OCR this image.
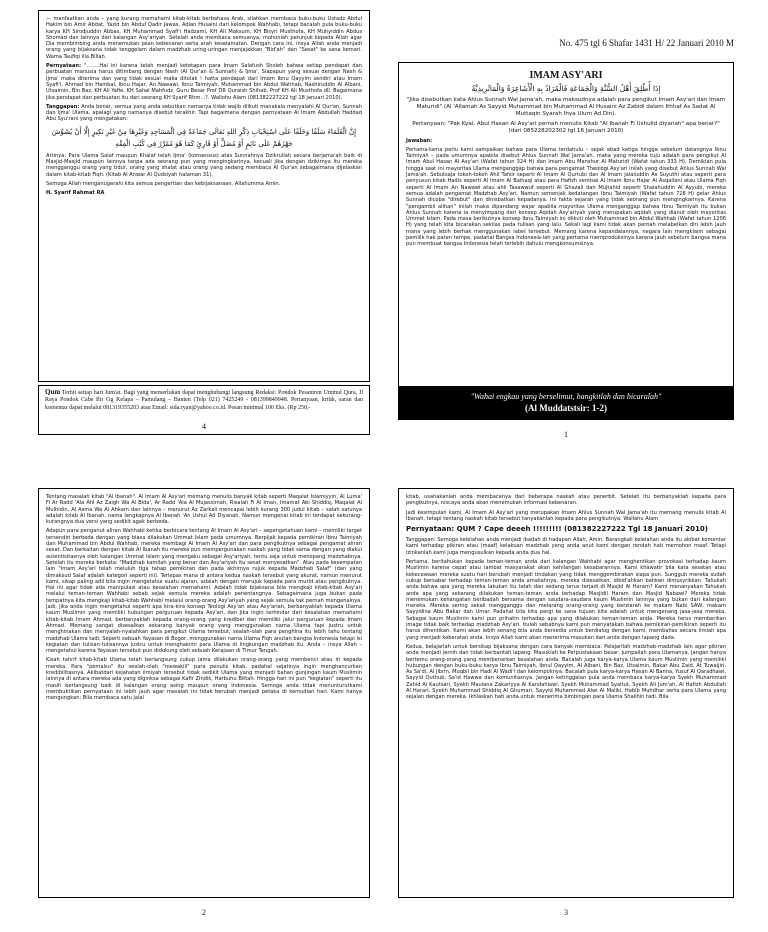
— manfaatkan anda – yang kurang memahami kitab-kitab berbahasa Arab, silahkan membaca buku-buku Ustadz Abdul Hakim bin Amir Abdat, Yazid bin Abdul Qadir Jawas, Adian Husaini dari kelompok Wahhabi, tetapi bacalah pula buku-buku karya KH Sirodjuddin Abbas, KH Muhammad Syafi'i Hadzami, KH Ali Maksum, KH Bisyri Musthofa, KH Muhyiddin Abdus Shomad dan lainnya dari kalangan Asy'ariyah. Setelah anda membaca semuanya, mohonlah petunjuk kepada Allah agar Dia membimbing anda menemukan jalan kebenaran serta arah keselamatan. Dengan cara ini, insya Allah anda menjadi orang yang bijaksana tidak tenggelam dalam madzhab uring-uringan menjajakkan "Bid'ah" dan "Sesat" ke sana kemari. Wama Taufiqi illa Billah.

Pernyataan: "........Hal ini karena telah menjadi ketetapan para Imam Salafush Sholeh bahwa setiap pendapat dan perbuatan manusia harus ditimbang dengan Nash (Al Qur'an & Sunnah) & Ijma'. Siapapun yang sesuai dengan Nash & Ijma' maka diterima dan yang tidak sesuai maka ditolak ! hatta pendapat dari Imam Ibnu Qayyim sendiri atau Imam Syafi'i, Ahmad bin Hambal, Ibnu Hajar, An Nawawi, Ibnu Taimiyah, Muhammad bin Abdul Wahhab, Nashiruddin Al Albani, Utsaimin, Bin Baz, KH Ali Yafie, KH Sahal Mahfudz, Guru Besar Prof DR Quraish Shihab, Prof KH Ali Musthofa dll. Bagaimana jika pendapat dan perbuatan itu dari seorang KH Syarif Rhm...?. Wallohu Alam (081382227222 tgl 18 januari 2010).

Tanggapan: Anda benar, semua yang anda sebutkan namanya tidak wajib diikuti manakala menyalahi Al Qur'an, Sunnah dan Ijma' Ulama, apalagi yang namanya disebut terakhir. Tapi bagaimana dengan pernyataan Al Imam Abdullah Haddad Abu Syu'rani yang mengatakan:

إِنَّ الْعُلَمَاءَ سَلَفًا وَخَلَفًا عَلَى اسْتِحْبَابِ ذِكْرِ اللهِ تَعَالَى جَمَاعَةً فِي الْمَسَاجِدِ وَغَيْرِهَا مِنْ غَيْرِ نَكِيرٍ إِلَّا أَنْ يُشَوِّشَ جَهْرُهُمْ عَلَى نَائِمٍ أَوْ مُصَلٍّ أَوْ قَارِئٍ كَمَا هُوَ مُقَرَّرٌ فِي كُتُبِ الْفِقْهِ

Artinya: Para Ulama Salaf maupun Khalaf telah Ijma' (konsensus) atas Sunnahnya Dzikrullah secara berjama'ah baik di Masjid-Masjid maupun lainnya tanpa ada seorang pun yang mengingkarinya, kecuali jika dengan dzikirnya itu mereka mengganggu orang yang tidur, orang yang shalat atau orang yang sedang membaca Al Qur'an sebagaimana dijelaskan dalam kitab-kitab Fiqh. (Kitab Al Anwar Al Qudsiyah halaman 31).

Semoga Allah menganugerahi kita semua pengertian dan kebijaksanaan. Allahumma Amin.

H. Syarif Rahmat RA

Qum Terbit setiap hari Jum'at. Bagi yang memerlukan dapat menghubungi langsung Redaksi: Pondok Pesantren Ummul Qura, Jl Raya Pondok Cabe Ilir Gg Kelapa – Pamulang – Banten (Telp 021) 7425249 - 081399849948. Pertanyaan, kritik, saran dan komentar dapat melalui 081319355203 atau Email: sida.ryan@yahoo.co.id. Pesan minimal 100 Eks. (Rp 250,-

4
No. 475 tgl 6 Shafar 1431 H/ 22 Januari 2010 M
IMAM ASY'ARI

إِذَا أُطْلِقَ أَهْلُ السُّنَّةِ وَالْجَمَاعَةِ فَالْمُرَادُ بِهِ الْأَشَاعِرَةُ وَالْمَاتُرِيدِيَّةُ

"Jika disebutkan kata Ahlus Sunnah Wal Jama'ah, maka maksudnya adalah para pengikut Imam Asy'ari dan Imam Maturidi" (Al 'Allamah As Sayyid Muhammad bin Muhammad Al Husaini Az Zabidi dalam Ithhaf As Sadat Al Muttaqin Syarah Ihya Ulum Ad Din).

Pertanyaan: "Pak Kyai, Abul Hasan Al Asy'ari pernah menulis Kitab "Al Ibanah Fi Ushulid diyanah" apa benar?" (dari 085228202302 tgl 16 Januari 2010)

Jawaban:

Pertama-tama perlu kami sampaikan bahwa para Ulama terdahulu – sejak abad ketiga hingga sebelum datangnya Ibnu Taimiyah – pada umumnya apabila disebut Ahlus Sunnah Wal Jama'ah, maka yang mereka tuju adalah para pengikut Al Imam Abul Hasan Al Asy'ari (Wafat tahun 324 H) dan Imam Abu Manshur Al Maturidi (Wafat tahun 333 H). Demikian pula hingga saat ini mayoritas Ulama menganggap bahwa para pengamat Theologi Asy'ari inilah yang disebut Ahlus Sunnah Wal Jama'ah. Sebutsaja tokoh-tokoh Ahli Tafsir seperti Al Imam Al Qurtubi dan Al Imam Jalaluddin As Suyuthi atau seperti para penyusun kitab Hadis seperti Al Imam Al Baihaqi atau para Hafizh semisal Al Imam Ibnu Hajar Al Asqallani atau Ulama Fiqh seperti Al Imam An Nawawi atau ahli Tasawwuf seperti Al Ghazali dan Mujtahid seperti Shalahuddin Al Ayyubi, mereka semua adalah pengamat Madzhab Asy'ari. Namun semenjak kedatangan Ibnu Taimiyah (Wafat tahun 728 H) gelar Ahlus Sunnah dicoba "direbut" dan dinisbatkan kepadanya. Ini fakta sejarah yang tidak seorang pun mengingkarinya. Karena "pengambil alihan" inilah maka dipandang wajar apabila mayoritas Ulama menganggap bahwa Ibnu Taimiyah itu bukan Ahlus Sunnah karena ia menyimpang dari konsep Aqidah Asy'ariyah yang merupakan aqidah yang dianut oleh mayoritas Ummat Islam. Pada masa berikutnya konsep Ibnu Taimiyah ini diikuti oleh Muhammad bin Abdul Wahhab (Wafat tahun 1206 H) yang telah kita bicarakan sekilas pada tulisan yang lalu. Sekali lagi kami tidak akan pernah melabelkan diri lebih jauh mana yang lebih berhak menggunakan label tersebut. Memang karena kepandaiannya, negara lain mengklaim sebagai pemilik hak paten tempe, padahal Bangsa Indonesia-lah yang pertama memproduksinya karena jauh sebelum bangsa mana pun membuat bangsa Indonesia telah terlebih dahulu mengkonsumsinya.

"Wahai engkau yang berselimut, bangkitlah dan bicaralah"
(Al Muddatstsir: 1-2)
1

Tentang masalah kitab "Al Ibanah". Al Imam Al Asy'ari memang menulis banyak kitab seperti Maqalat Islamiyyin, Al Luma' Fi Ar Radd 'Ala Ahl Az Zaigh Wa Al Bida', Ar Radd 'Ala Al Mujassimah, Risalah Fi Al Iman, Imamat Abi Shiddiq, Maqalat Al Mulhidin, Al Asma Wa Al Ahkam dan lainnya – menurut Az Zarkali mencapai lebih kurang 300 judul kitab – salah satunya adalah kitab Al Ibanah, nama lengkapnya Al Ibanah 'An Ushul Ad Diyanah. Namun mengenai kitab ini terdapat sekurang-kurangnya dua versi yang sedikit agak berbeda.

Adapun para penganut aliran Wahhabi ketika berbicara tentang Al Imam Al Asy'ari – sepengetahuan kami – memiliki target tersendiri berbeda dengan yang biasa dilakukan Ummat Islam pada umumnya. Berpijak kepada pemikiran Ibnu Taimiyah dan Muhammad bin Abdul Wahhab, mereka membagi Al Imam Al Asy'ari dan para pengikutnya sebagai pengamat aliran sesat. Dan berkaitan dengan kitab Al Ibanah itu mereka pun mempergunakan naskah yang tidak sama dengan yang diakui autentisitasnya oleh kalangan Ummat Islam yang mengaku sebagai Asy'ariyah, tentu saja untuk menopang madzhabnya. Setelah itu mereka berkata: "Madzhab kamilah yang benar dan Asy'ariyah itu sesat menyesatkan". Atau pada kesempatan lain "Imam Asy'ari telah meluluh tiga tahap pemikiran dan pada akhirnya rujuk kepada Madzhab Salaf" (dan yang dimaksud Salaf adalah kategori seperti ini). Terlepas mana di antara kedua naskah tersebut yang akurat, namun menurut kami, sikap paling adil bila ingin mengetahui suatu ajaran, adalah dengan merujuk kepada para murid atau pengikutnya. Hal ini agar tidak ada manipulasi atau kesalahan memahami. Adalah tidak bijaksana bila mengkaji kitab-kitab Asy'ari melalui teman-teman Wahhabi sebab sejak semula mereka adalah penentangnya. Sebagaimana juga bukan pada tempatnya kita mengkaji kitab-kitab Wahhabi melalui orang-orang Asy'ariyah yang sejak semula tak pernah mengenalnya. Jadi, jika anda ingin mengetahui seperti apa kira-kira konsep Teologi Asy'ari atau Asy'ariah, berbanyaklah kepada Ulama kaum Muslimin yang memiliki hubungan perguruan kepada Asy'ari, dan jika ingin terhindar dari kesalahan memahami kitab-kitab Imam Ahmad, berbanyaklah kepada orang-orang yang kredibel dan memiliki jalur perguruan kepada Imam Ahmad. Memang sangat disesalkan sekarang banyak orang yang menggunakan nama Ulama tapi justru untuk menghinakan dan menyalah-nyalahkan para pengikut Ulama tersebut, sealah-olah para penghina itu lebih tahu tentang madzhab Ulama tadi. Seperti sebuah Yayasan di Bogor, menggunakan nama Ulama Fiqh anutan bangsa Indonesia tetapi isi kegiatan dan tulisan-tulisannya justru untuk menghakimi para Ulama di lingkungan madzhab itu. Anda – insya Allah – mengetahui karena Yayasan tersebut pun didukung oleh sebuah Kerajaan di Timur Tengah.

Kisah tahrif kitab-kitab Ulama telah berlangsung cukup lama dilakukan orang-orang yang membenci atau iri kepada mereka. Para "pemalsu" itu seolah-olah "mewakili" para penulis kitab, padahal sejatinya ingin menghancurkan kredibilitasnya. Akibatdari kejahatan ilmiyah tersebut tidak sedikit Ulama yang menjadi bahan gunjingan kaum Muslimin lainnya di antara mereka ada yang diginksa sebagai Kafir Zindik, Harbuhu Bittah. Hingga hari ini pun "kegiatan" seperti itu masih berlangsung baik di kalangan orang asing maupun orang Indonesia. Semoga anda tidak menunturutkami membuktikan pernyataan ini lebih jauh agar masalah ini tidak berubah menjadi petaka di kemudian hari. Kami hanya mengungkan: Bila membaca satu jalal

2

kitab, usahakanlah anda membacanya dari beberapa naskah atau penerbit. Setelah itu berbanyaklah kepada para pengikutnya, niscaya anda akan menemukan informasi kebenaran.

Jadi kesimpulan kami, Al Imam Al Asy'ari yang merupakan Imam Ahlus Sunnah Wal Jama'ah itu memang menulis kitab Al Ibanah, tetapi tentang naskah kitab tersebut tanyakanlah kepada para pengikutnya. Wallahu Alam

Pernyataan: QUM ? Cape deeeh !!!!!!!!! (081382227222 Tgl 18 Januari 2010)

Tanggapan: Semoga kelelahan anda menjadi ibadah di hadapan Allah, Amin. Barangkali kelelahan anda itu akibat komentar kami terhadap pikiran atau (maaf) kelakuan madzhab yang anda anut kami dengan rendah hati memohon maaf. Tetapi izinkanlah kami juga mengusulkan kepada anda dua hal.

Pertama, beritahukan kepada teman-teman anda dari kalangan Wahhabi agar menghentikan provokasi terhadap kaum Muslimin karena cepat atau lambat masyarakat akan kehilangan kesabarannya. Kami khawatir bila kata sesatan atau kekecewaan mereka suatu hari berubah menjadi tindakan yang tidak menggembirakan siapa pun. Sungguh mereka sudah cukup bersabar terhadap teman-teman anda amaliahnya, mereka disesatkan, dibid'ahkan bahkan dimusyrikkan. Tahukah anda bahwa apa yang mereka lakukan itu telah dan sedang terus terjadi di Masjid Al Haram? Kami menanyakan Tahukah anda apa yang sekarang dilakukan teman-teman anda terhadap Masjidil Haram dan Masjid Nabawi? Mereka tidak menemukan kehangatan beribadah bersama dengan saudara-saudara kaum Muslimin lainnya yang bukan dari kalangan mereka. Mereka sering sekali mengganggu dan melarang orang-orang yang berziarah ke makam Nabi SAW, makam Sayyidina Abu Bakar dan Umar. Padahal bila kita pergi ke sana tujuan kita adalah untuk mengenang jasa-jasa mereka. Sebagai kaum Muslimin kami pun prihatin terhadap apa yang dilakukan teman-teman anda. Mereka terus memberikan image tidak baik terhadap madzhab Asy'ari. Itulah sebabnya kami pun menyatakan bahwa pemikiran-pemikiran seperti itu harus dihentikan. Kami akan lebih senang bila anda bersedia untuk berdialog dengan kami, membahas secara ilmiah apa yang menjadi keberatan anda. Insya Allah kami akan menerima masukan dari anda dengan lapang dada.

Kedua, belajarlah untuk bersikap bijaksana dengan cara banyak membaca. Pelajarilah madzhab-madzhab lain agar pikiran anda menjadi jernih dan tidak berbantah lapang. Masuklah ke Perpustakaan besar, jumpailah para Ulamanya. Jangan hanya bertemu orang-orang yang membenarkan kesalahan anda. Bacalah juga karya-karya Ulama kaum Muslimin yang memiliki hubungan dengan buku-buku karya Ibnu Taimiyah, Ibnul Qayyim, Al Albani, Bin Baz, Utsaimin, Bakar Abu Zaid, At Tuwaijiri, As Sa'di, Al Jibrin, Muqbil bin Hadi Al Wadi'i dan kelompoknya. Bacalah pula karya-karya Hasan Al Banna, Yusuf Al Qaradhawi, Sayyid Quthub, Sa'id Hawwa dan komunitasnya. Jangan ketinggalan pula anda membaca karya-karya Syekh Muhammad Zahid Al Kautsari, Syekh Maulana Zakariyya Al Kandahlawi, Syekh Muhammad Syaltut, Syekh Ali Jum'ah, Al Hafizh Abdullah Al Harari, Syekh Muhammad Shiddiq Al Ghumari, Sayyid Muhammad Alwi Al Maliki, Habib Muhdhar serta para Ulama yang sejalan dengan mereka. Ikhlaskan hati anda untuk menerima bimbingan para Ulama Shalihin tadi. Bila

3
